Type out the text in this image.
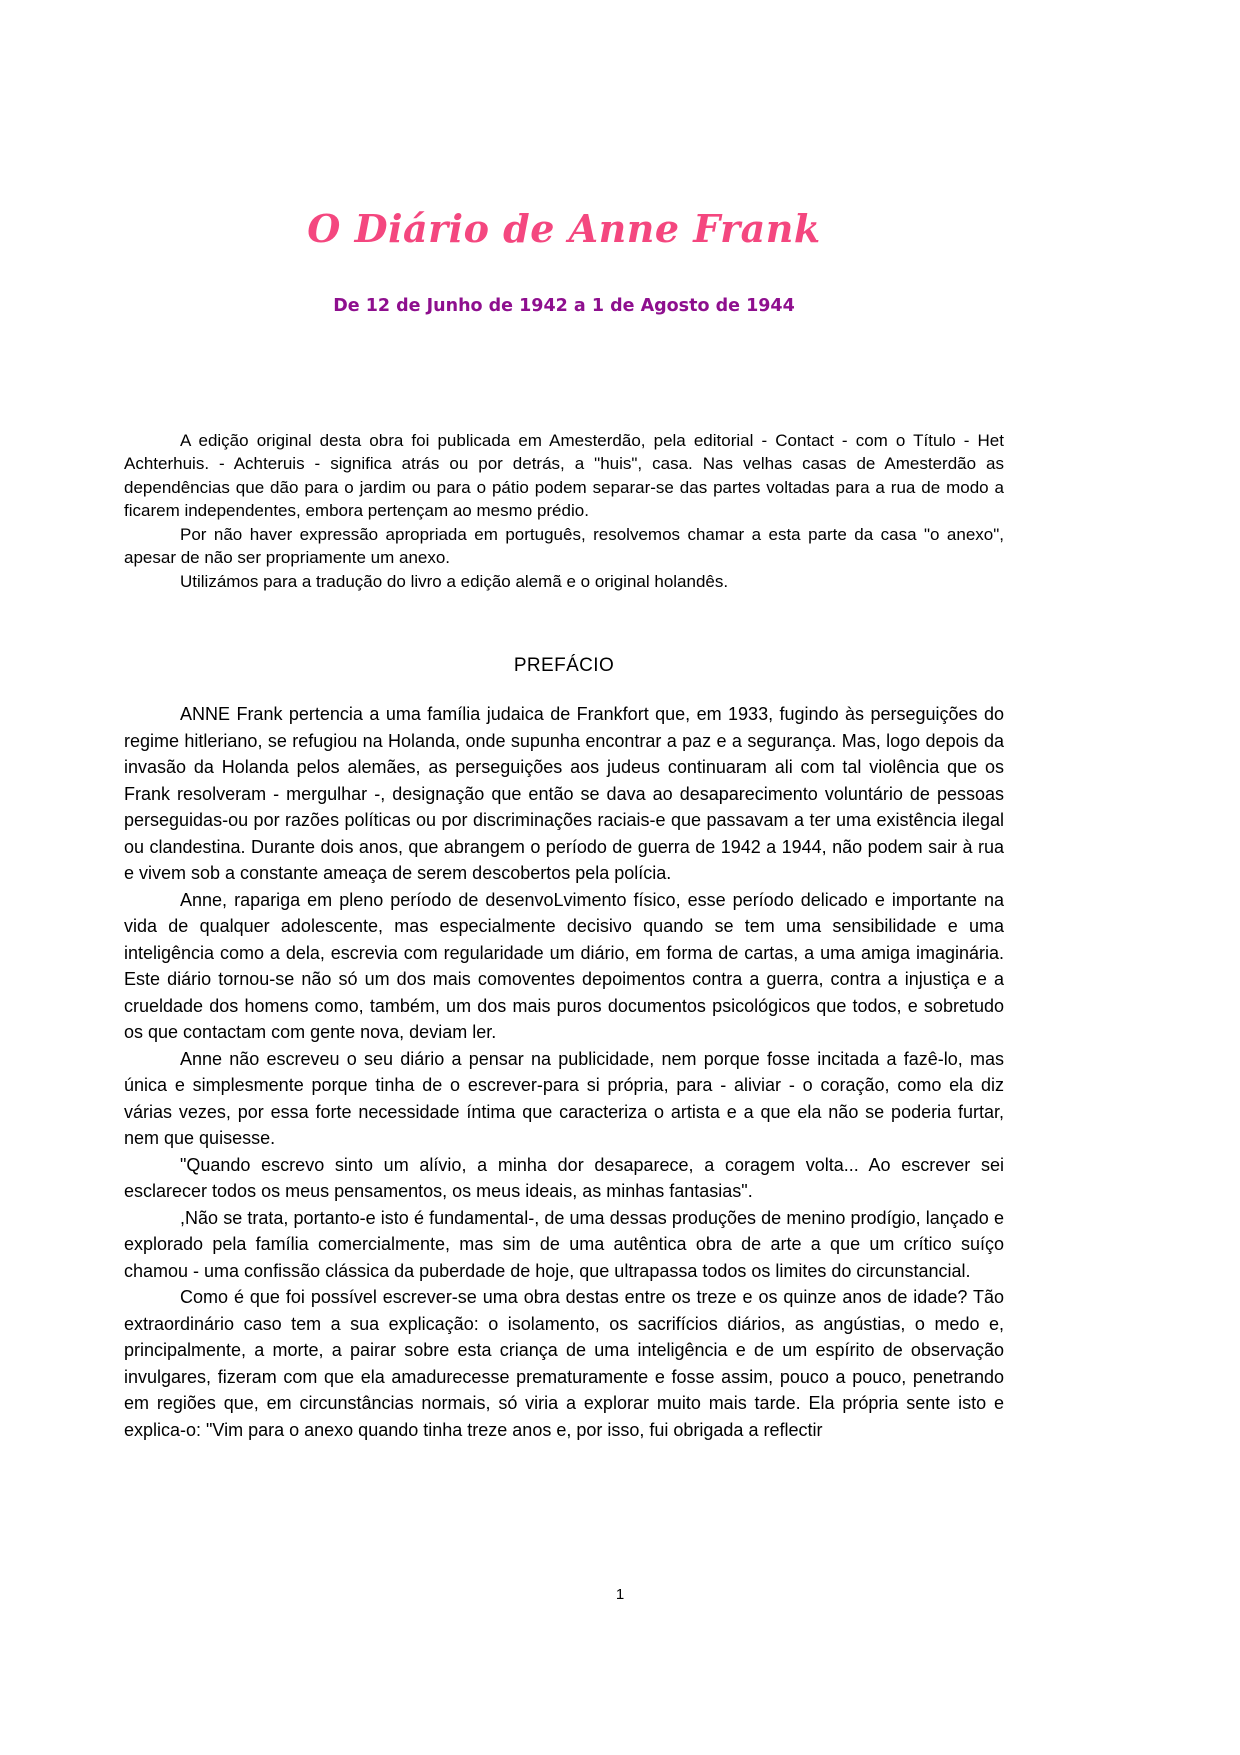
O Diário de Anne Frank
De 12 de Junho de 1942 a 1 de Agosto de 1944

A edição original desta obra foi publicada em Amesterdão, pela editorial - Contact - com o Título - Het Achterhuis. - Achteruis - significa atrás ou por detrás, a "huis", casa. Nas velhas casas de Amesterdão as dependências que dão para o jardim ou para o pátio podem separar-se das partes voltadas para a rua de modo a ficarem independentes, embora pertençam ao mesmo prédio.

Por não haver expressão apropriada em português, resolvemos chamar a esta parte da casa "o anexo", apesar de não ser propriamente um anexo.

Utilizámos para a tradução do livro a edição alemã e o original holandês.

PREFÁCIO

ANNE Frank pertencia a uma família judaica de Frankfort que, em 1933, fugindo às perseguições do regime hitleriano, se refugiou na Holanda, onde supunha encontrar a paz e a segurança. Mas, logo depois da invasão da Holanda pelos alemães, as perseguições aos judeus continuaram ali com tal violência que os Frank resolveram - mergulhar -, designação que então se dava ao desaparecimento voluntário de pessoas perseguidas-ou por razões políticas ou por discriminações raciais-e que passavam a ter uma existência ilegal ou clandestina. Durante dois anos, que abrangem o período de guerra de 1942 a 1944, não podem sair à rua e vivem sob a constante ameaça de serem descobertos pela polícia.

Anne, rapariga em pleno período de desenvoLvimento físico, esse período delicado e importante na vida de qualquer adolescente, mas especialmente decisivo quando se tem uma sensibilidade e uma inteligência como a dela, escrevia com regularidade um diário, em forma de cartas, a uma amiga imaginária. Este diário tornou-se não só um dos mais comoventes depoimentos contra a guerra, contra a injustiça e a crueldade dos homens como, também, um dos mais puros documentos psicológicos que todos, e sobretudo os que contactam com gente nova, deviam ler.

Anne não escreveu o seu diário a pensar na publicidade, nem porque fosse incitada a fazê-lo, mas única e simplesmente porque tinha de o escrever-para si própria, para - aliviar - o coração, como ela diz várias vezes, por essa forte necessidade íntima que caracteriza o artista e a que ela não se poderia furtar, nem que quisesse.

"Quando escrevo sinto um alívio, a minha dor desaparece, a coragem volta... Ao escrever sei esclarecer todos os meus pensamentos, os meus ideais, as minhas fantasias".

,Não se trata, portanto-e isto é fundamental-, de uma dessas produções de menino prodígio, lançado e explorado pela família comercialmente, mas sim de uma autêntica obra de arte a que um crítico suíço chamou - uma confissão clássica da puberdade de hoje, que ultrapassa todos os limites do circunstancial.

Como é que foi possível escrever-se uma obra destas entre os treze e os quinze anos de idade? Tão extraordinário caso tem a sua explicação: o isolamento, os sacrifícios diários, as angústias, o medo e, principalmente, a morte, a pairar sobre esta criança de uma inteligência e de um espírito de observação invulgares, fizeram com que ela amadurecesse prematuramente e fosse assim, pouco a pouco, penetrando em regiões que, em circunstâncias normais, só viria a explorar muito mais tarde. Ela própria sente isto e explica-o: "Vim para o anexo quando tinha treze anos e, por isso, fui obrigada a reflectir

1
